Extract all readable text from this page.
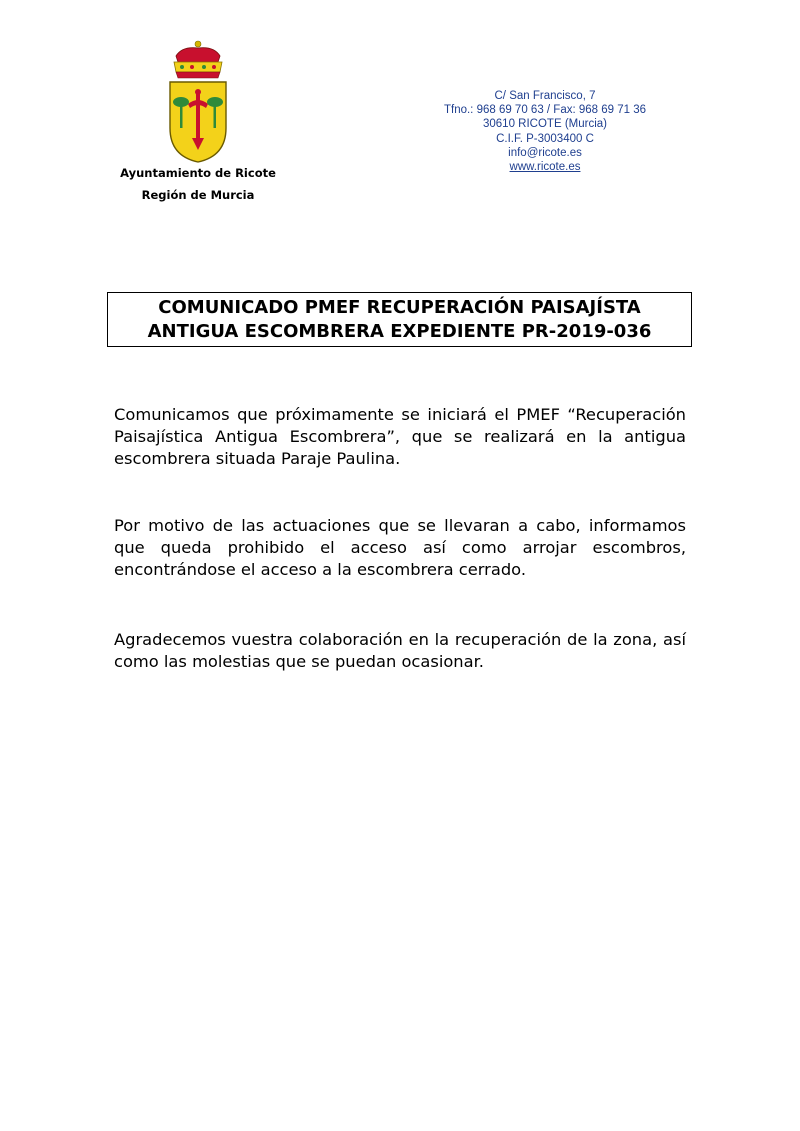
Ayuntamiento de Ricote
Región de Murcia
C/ San Francisco, 7
Tfno.: 968 69 70 63 / Fax: 968 69 71 36
30610 RICOTE (Murcia)
C.I.F. P-3003400 C
info@ricote.es
www.ricote.es
COMUNICADO PMEF RECUPERACIÓN PAISAJÍSTA
ANTIGUA ESCOMBRERA EXPEDIENTE PR-2019-036
Comunicamos que próximamente se iniciará el PMEF “Recuperación Paisajística Antigua Escombrera”, que se realizará en la antigua escombrera situada Paraje Paulina.
Por motivo de las actuaciones que se llevaran a cabo, informamos que queda prohibido el acceso así como arrojar escombros, encontrándose el acceso a la escombrera cerrado.
Agradecemos vuestra colaboración en la recuperación de la zona, así como las molestias que se puedan ocasionar.
